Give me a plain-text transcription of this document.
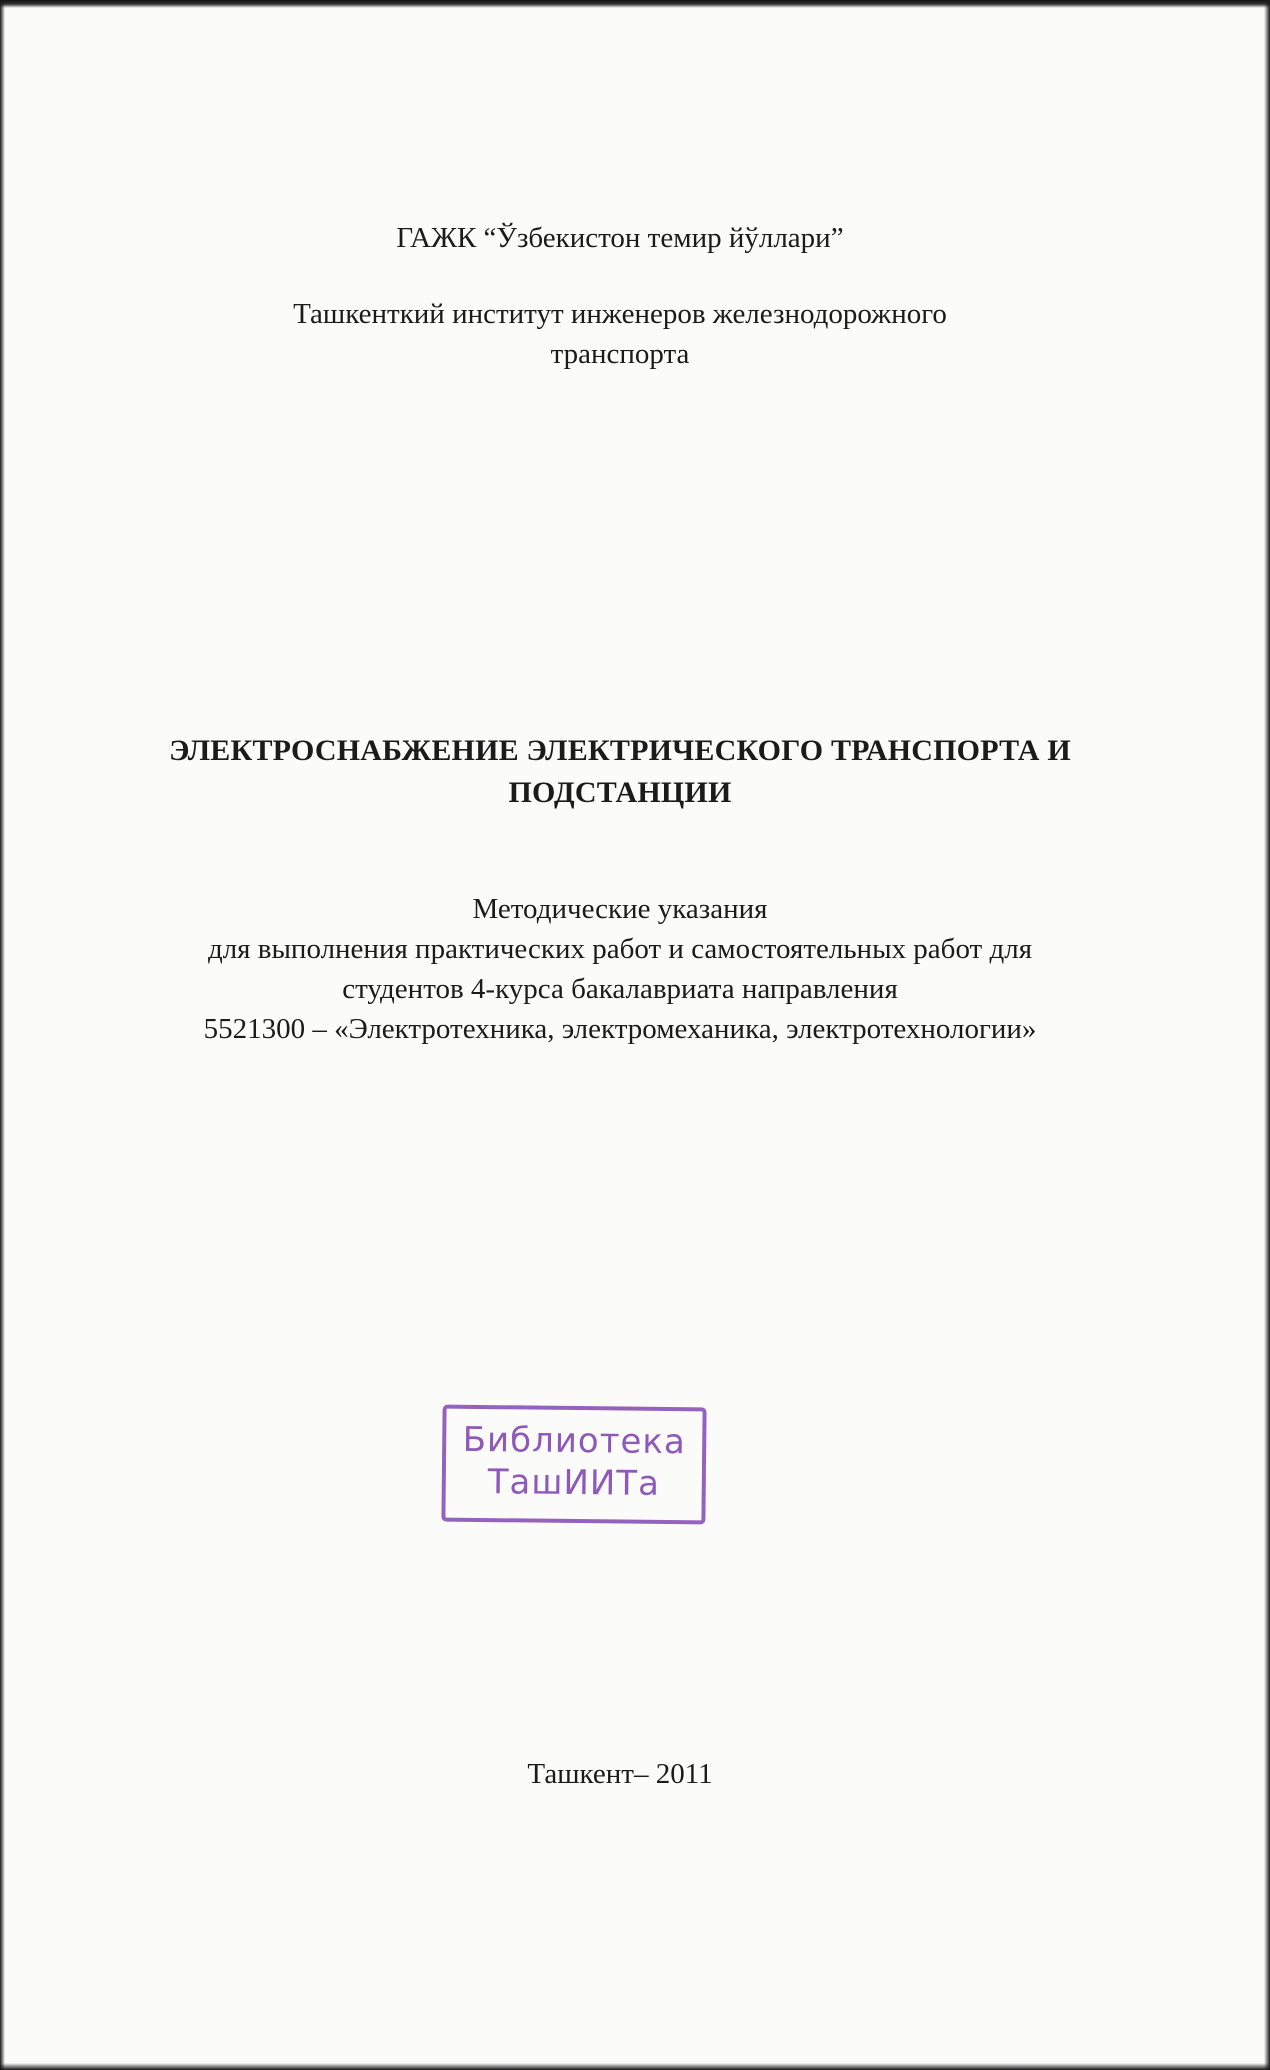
ГАЖК “Ўзбекистон темир йўллари”
Ташкенткий институт инженеров железнодорожного
транспорта
ЭЛЕКТРОСНАБЖЕНИЕ ЭЛЕКТРИЧЕСКОГО ТРАНСПОРТА И
ПОДСТАНЦИИ
Методические указания
для выполнения практических работ и самостоятельных работ для
студентов 4-курса бакалавриата направления
5521300 – «Электротехника, электромеханика, электротехнологии»
Библиотека
ТашИИТа
Ташкент– 2011
